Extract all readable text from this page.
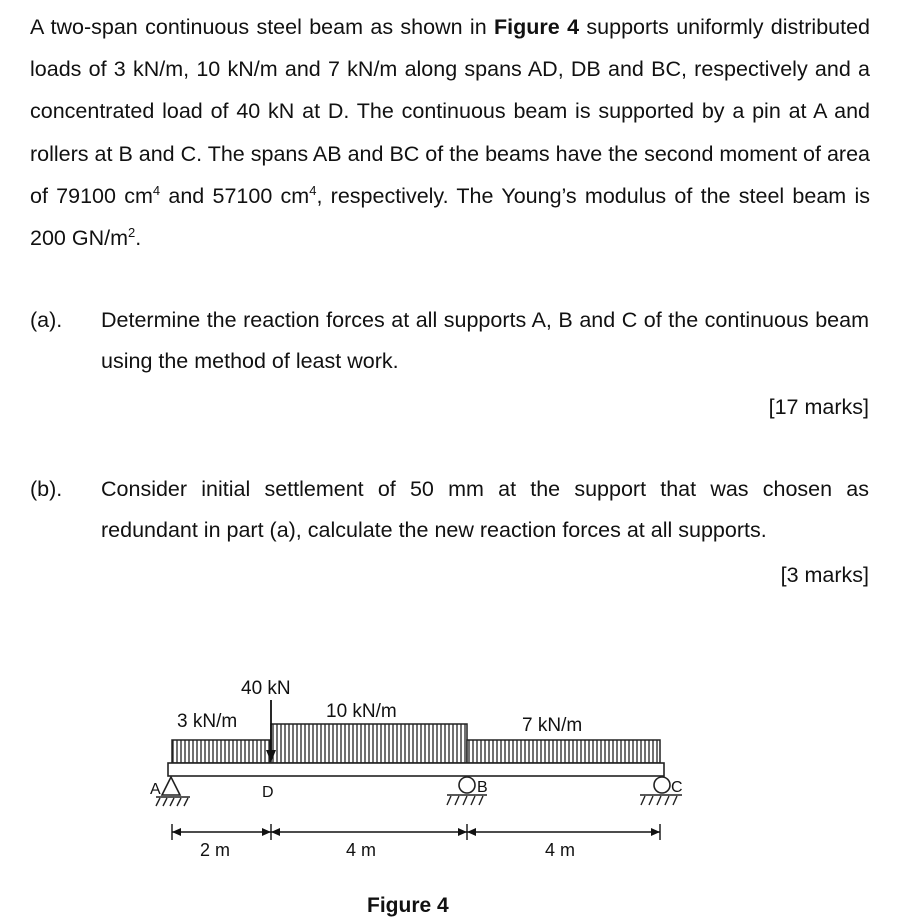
A two-span continuous steel beam as shown in Figure 4 supports uniformly distributed loads of 3 kN/m, 10 kN/m and 7 kN/m along spans AD, DB and BC, respectively and a concentrated load of 40 kN at D. The continuous beam is supported by a pin at A and rollers at B and C. The spans AB and BC of the beams have the second moment of area of 79100 $cm^4$ and 57100 $cm^4$, respectively. The Young’s modulus of the steel beam is 200 $GN/m^2$.

(a). Determine the reaction forces at all supports A, B and C of the continuous beam using the method of least work.

[17 marks]
(b). Consider initial settlement of 50 mm at the support that was chosen as redundant in part (a), calculate the new reaction forces at all supports.

[3 marks]
40 kN
3 kN/m	10 kN/m
7 kN/m
A	D	B	C
2 m	4 m	4 m
Figure 4
